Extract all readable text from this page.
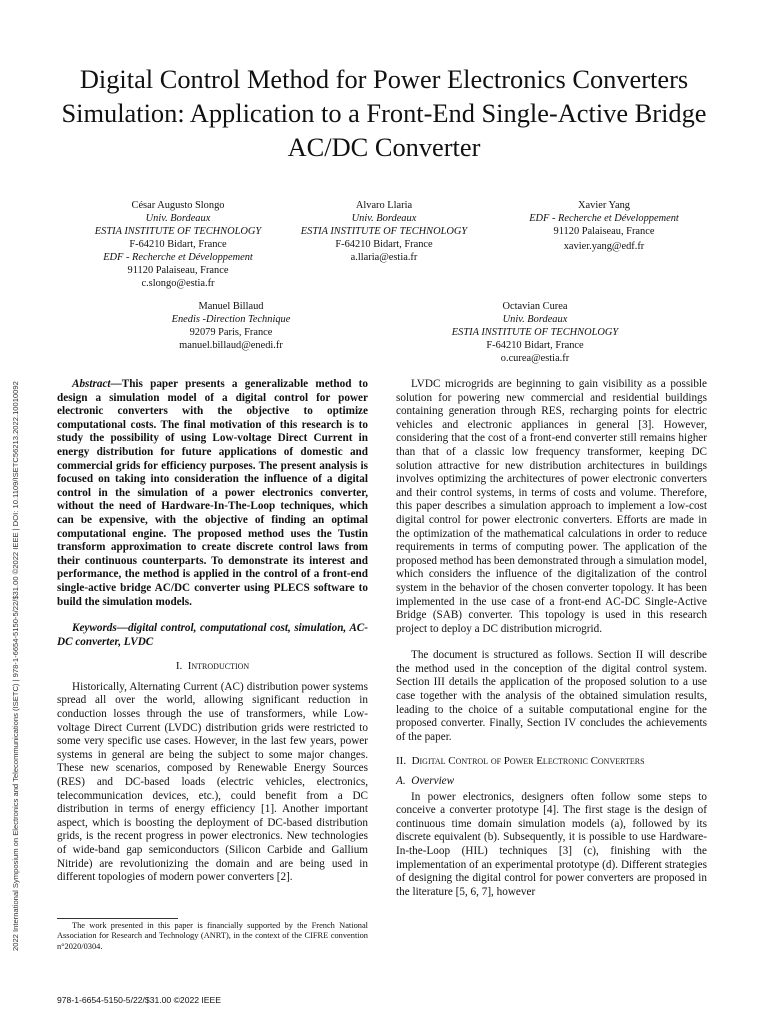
2022 International Symposium on Electronics and Telecommunications (ISETC) | 978-1-6654-5150-5/22/$31.00 ©2022 IEEE | DOI: 10.1109/ISETC56213.2022.10010092
Digital Control Method for Power Electronics Converters Simulation: Application to a Front-End Single-Active Bridge AC/DC Converter
César Augusto Slongo
Univ. Bordeaux
ESTIA INSTITUTE OF TECHNOLOGY
F-64210 Bidart, France
EDF - Recherche et Développement
91120 Palaiseau, France
c.slongo@estia.fr
Alvaro Llaria
Univ. Bordeaux
ESTIA INSTITUTE OF TECHNOLOGY
F-64210 Bidart, France
a.llaria@estia.fr
Xavier Yang
EDF - Recherche et Développement
91120 Palaiseau, France
xavier.yang@edf.fr
Manuel Billaud
Enedis -Direction Technique
92079 Paris, France
manuel.billaud@enedi.fr
Octavian Curea
Univ. Bordeaux
ESTIA INSTITUTE OF TECHNOLOGY
F-64210 Bidart, France
o.curea@estia.fr

Abstract—This paper presents a generalizable method to design a simulation model of a digital control for power electronic converters with the objective to optimize computational costs. The final motivation of this research is to study the possibility of using Low-voltage Direct Current in energy distribution for future applications of domestic and commercial grids for efficiency purposes. The present analysis is focused on taking into consideration the influence of a digital control in the simulation of a power electronics converter, without the need of Hardware-In-The-Loop techniques, which can be expensive, with the objective of finding an optimal computational engine. The proposed method uses the Tustin transform approximation to create discrete control laws from their continuous counterparts. To demonstrate its interest and performance, the method is applied in the control of a front-end single-active bridge AC/DC converter using PLECS software to build the simulation models.

Keywords—digital control, computational cost, simulation, AC-DC converter, LVDC

I. Introduction

Historically, Alternating Current (AC) distribution power systems spread all over the world, allowing significant reduction in conduction losses through the use of transformers, while Low-voltage Direct Current (LVDC) distribution grids were restricted to some very specific use cases. However, in the last few years, power systems in general are being the subject to some major changes. These new scenarios, composed by Renewable Energy Sources (RES) and DC-based loads (electric vehicles, electronics, telecommunication devices, etc.), could benefit from a DC distribution in terms of energy efficiency [1]. Another important aspect, which is boosting the deployment of DC-based distribution grids, is the recent progress in power electronics. New technologies of wide-band gap semiconductors (Silicon Carbide and Gallium Nitride) are revolutionizing the domain and are being used in different topologies of modern power converters [2].

LVDC microgrids are beginning to gain visibility as a possible solution for powering new commercial and residential buildings containing generation through RES, recharging points for electric vehicles and electronic appliances in general [3]. However, considering that the cost of a front-end converter still remains higher than that of a classic low frequency transformer, keeping DC solution attractive for new distribution architectures in buildings involves optimizing the architectures of power electronic converters and their control systems, in terms of costs and volume. Therefore, this paper describes a simulation approach to implement a low-cost digital control for power electronic converters. Efforts are made in the optimization of the mathematical calculations in order to reduce requirements in terms of computing power. The application of the proposed method has been demonstrated through a simulation model, which considers the influence of the digitalization of the control system in the behavior of the chosen converter topology. It has been implemented in the use case of a front-end AC-DC Single-Active Bridge (SAB) converter. This topology is used in this research project to deploy a DC distribution microgrid.

The document is structured as follows. Section II will describe the method used in the conception of the digital control system. Section III details the application of the proposed solution to a use case together with the analysis of the obtained simulation results, leading to the choice of a suitable computational engine for the proposed converter. Finally, Section IV concludes the achievements of the paper.

II. Digital Control of Power Electronic Converters

A. Overview

In power electronics, designers often follow some steps to conceive a converter prototype [4]. The first stage is the design of continuous time domain simulation models (a), followed by its discrete equivalent (b). Subsequently, it is possible to use Hardware-In-the-Loop (HIL) techniques [3] (c), finishing with the implementation of an experimental prototype (d). Different strategies of designing the digital control for power converters are proposed in the literature [5, 6, 7], however

The work presented in this paper is financially supported by the French National Association for Research and Technology (ANRT), in the context of the CIFRE convention n°2020/0304.

978-1-6654-5150-5/22/$31.00 ©2022 IEEE
